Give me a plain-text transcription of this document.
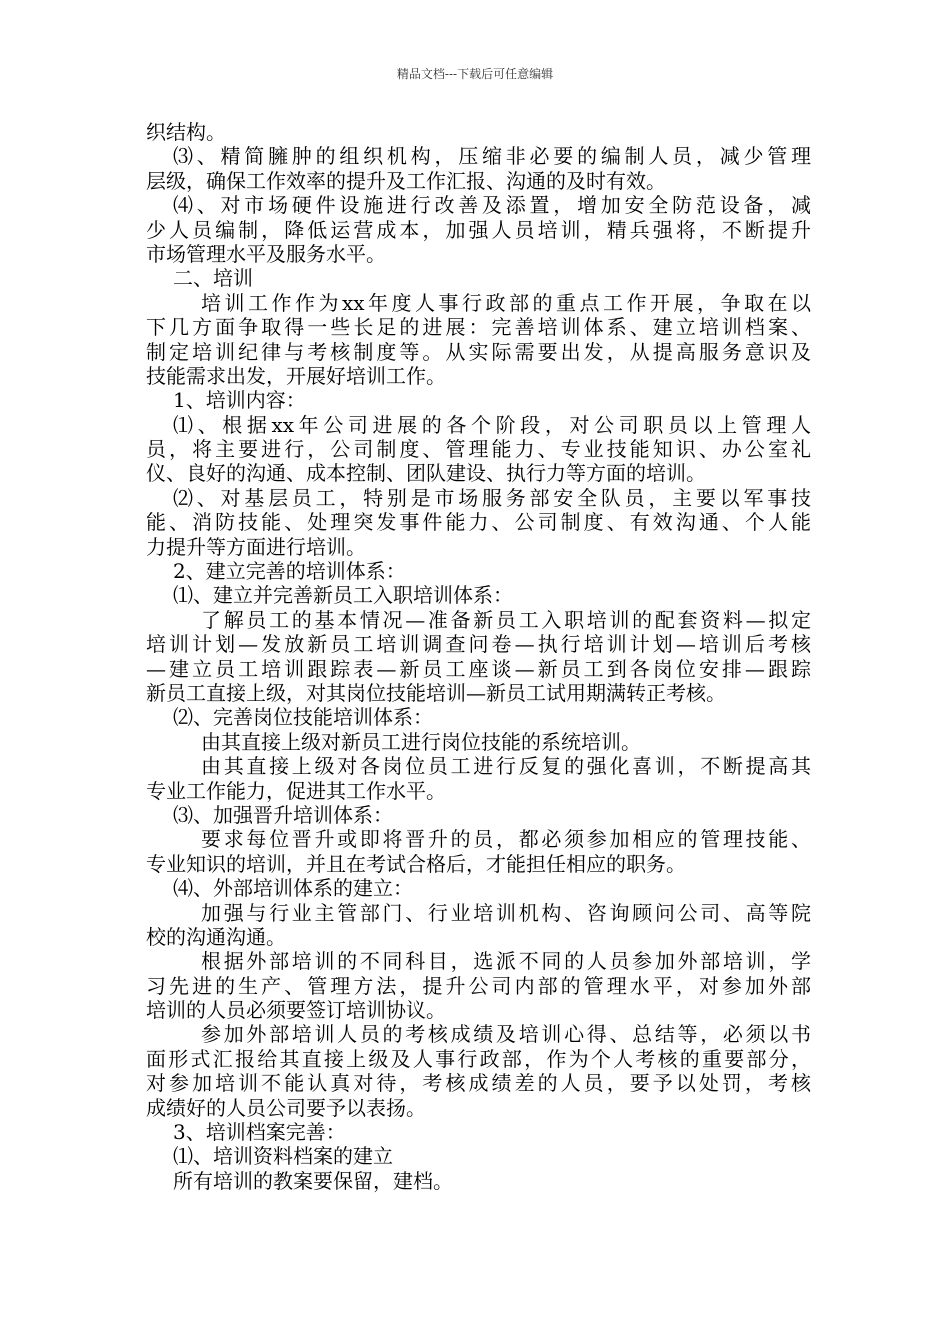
精品文档---下载后可任意编辑
织结构。
⑶、精简臃肿的组织机构，压缩非必要的编制人员，减少管理
层级，确保工作效率的提升及工作汇报、沟通的及时有效。
⑷、对市场硬件设施进行改善及添置，增加安全防范设备，减
少人员编制，降低运营成本，加强人员培训，精兵强将，不断提升
市场管理水平及服务水平。
二、培训
培训工作作为xx年度人事行政部的重点工作开展，争取在以
下几方面争取得一些长足的进展：完善培训体系、建立培训档案、
制定培训纪律与考核制度等。从实际需要出发，从提高服务意识及
技能需求出发，开展好培训工作。
1、培训内容：
⑴、根据xx年公司进展的各个阶段，对公司职员以上管理人
员，将主要进行，公司制度、管理能力、专业技能知识、办公室礼
仪、良好的沟通、成本控制、团队建设、执行力等方面的培训。
⑵、对基层员工，特别是市场服务部安全队员，主要以军事技
能、消防技能、处理突发事件能力、公司制度、有效沟通、个人能
力提升等方面进行培训。
2、建立完善的培训体系：
⑴、建立并完善新员工入职培训体系：
了解员工的基本情况—准备新员工入职培训的配套资料—拟定
培训计划—发放新员工培训调查问卷—执行培训计划—培训后考核
—建立员工培训跟踪表—新员工座谈—新员工到各岗位安排—跟踪
新员工直接上级，对其岗位技能培训—新员工试用期满转正考核。
⑵、完善岗位技能培训体系：
由其直接上级对新员工进行岗位技能的系统培训。
由其直接上级对各岗位员工进行反复的强化喜训，不断提高其
专业工作能力，促进其工作水平。
⑶、加强晋升培训体系：
要求每位晋升或即将晋升的员，都必须参加相应的管理技能、
专业知识的培训，并且在考试合格后，才能担任相应的职务。
⑷、外部培训体系的建立：
加强与行业主管部门、行业培训机构、咨询顾问公司、高等院
校的沟通沟通。
根据外部培训的不同科目，选派不同的人员参加外部培训，学
习先进的生产、管理方法，提升公司内部的管理水平，对参加外部
培训的人员必须要签订培训协议。
参加外部培训人员的考核成绩及培训心得、总结等，必须以书
面形式汇报给其直接上级及人事行政部，作为个人考核的重要部分，
对参加培训不能认真对待，考核成绩差的人员，要予以处罚，考核
成绩好的人员公司要予以表扬。
3、培训档案完善：
⑴、培训资料档案的建立
所有培训的教案要保留，建档。
